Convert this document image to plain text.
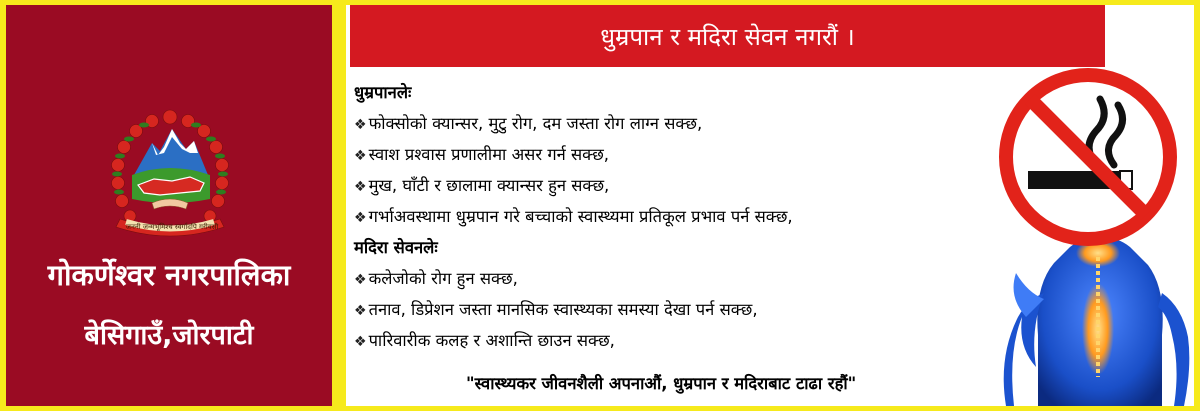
जननी जन्मभूमिश्च स्वर्गादपि गरीयसी
गोकर्णेश्वर नगरपालिका
बेसिगाउँ,जोरपाटी
धुम्रपान र मदिरा सेवन नगरौं ।
धुम्रपानलेः
❖ फोक्सोको क्यान्सर, मुटु रोग, दम जस्ता रोग लाग्न सक्छ,
❖ स्वाश प्रश्वास प्रणालीमा असर गर्न सक्छ,
❖ मुख, घाँटी र छालामा क्यान्सर हुन सक्छ,
❖ गर्भाअवस्थामा धुम्रपान गरे बच्चाको स्वास्थ्यमा प्रतिकूल प्रभाव पर्न सक्छ,
मदिरा सेवनलेः
❖ कलेजोको रोग हुन सक्छ,
❖ तनाव, डिप्रेशन जस्ता मानसिक स्वास्थ्यका समस्या देखा पर्न सक्छ,
❖ पारिवारीक कलह र अशान्ति छाउन सक्छ,
"स्वास्थ्यकर जीवनशैली अपनाऔं, धुम्रपान र मदिराबाट टाढा रहौं"
